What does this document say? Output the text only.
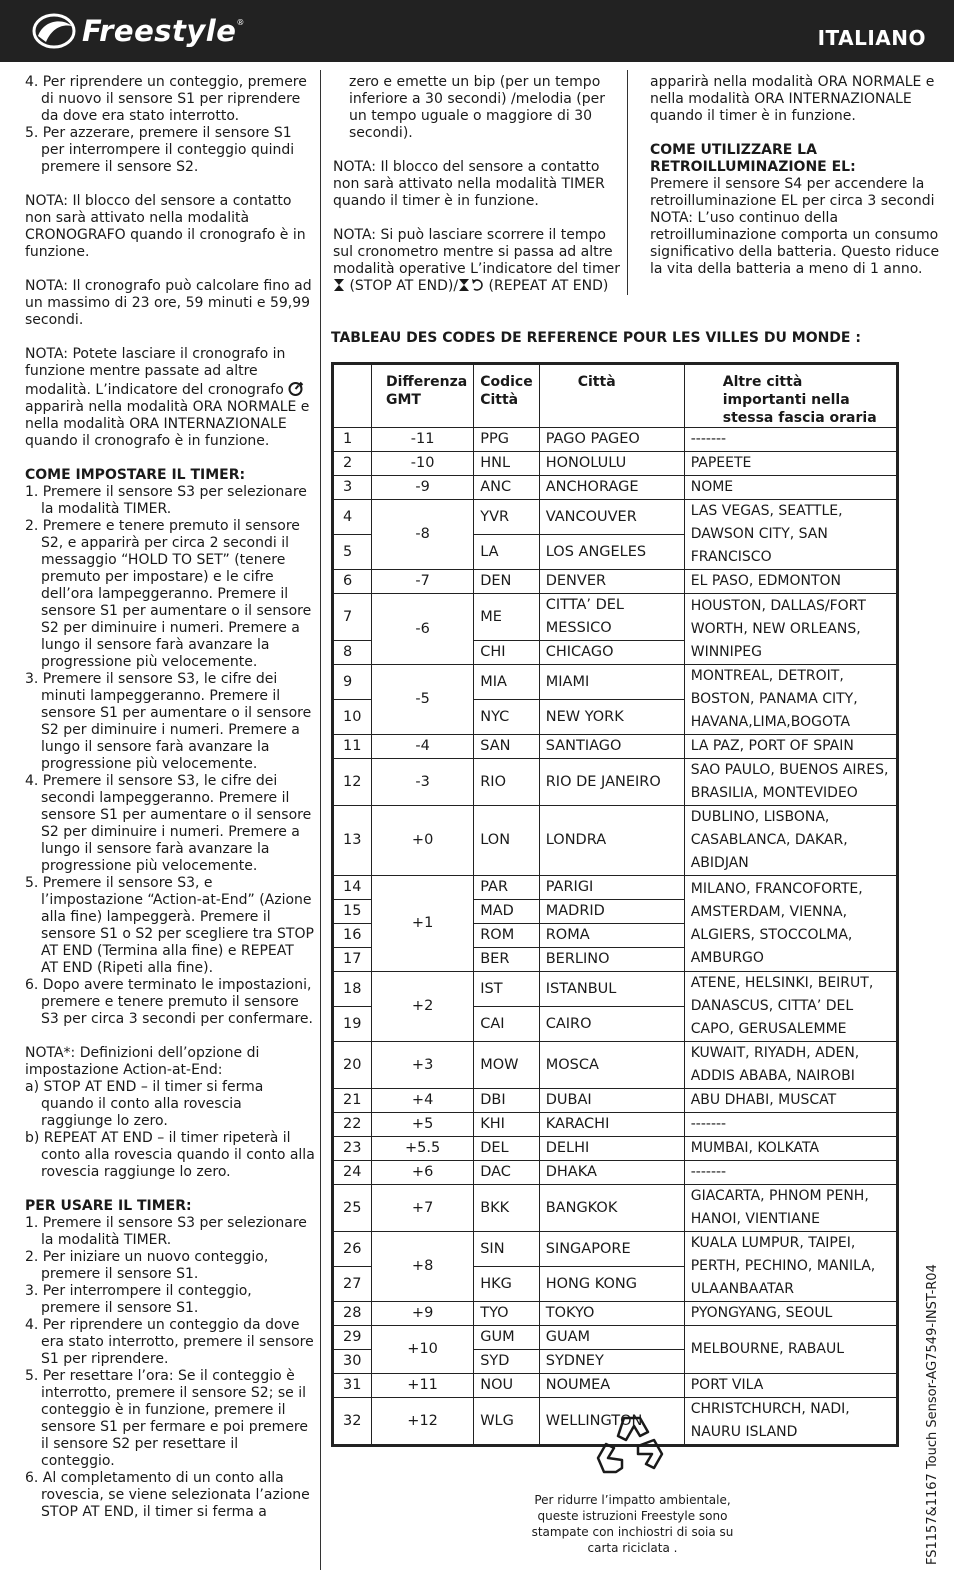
Freestyle ®
ITALIANO
4. Per riprendere un conteggio, premere di nuovo il sensore S1 per riprendere da dove era stato interrotto.
5. Per azzerare, premere il sensore S1 per interrompere il conteggio quindi premere il sensore S2.

NOTA: Il blocco del sensore a contatto non sarà attivato nella modalità CRONOGRAFO quando il cronografo è in funzione.

NOTA: Il cronografo può calcolare fino ad un massimo di 23 ore, 59 minuti e 59,99 secondi.

NOTA: Potete lasciare il cronografo in funzione mentre passate ad altre modalità. L’indicatore del cronografo  apparirà nella modalità ORA NORMALE e nella modalità ORA INTERNAZIONALE quando il cronografo è in funzione.

COME IMPOSTARE IL TIMER:
1. Premere il sensore S3 per selezionare la modalità TIMER.
2. Premere e tenere premuto il sensore S2, e apparirà per circa 2 secondi il messaggio “HOLD TO SET” (tenere premuto per impostare) e le cifre dell’ora lampeggeranno. Premere il sensore S1 per aumentare o il sensore S2 per diminuire i numeri. Premere a lungo il sensore farà avanzare la progressione più velocemente.
3. Premere il sensore S3, le cifre dei minuti lampeggeranno. Premere il sensore S1 per aumentare o il sensore S2 per diminuire i numeri. Premere a lungo il sensore farà avanzare la progressione più velocemente.
4. Premere il sensore S3, le cifre dei secondi lampeggeranno. Premere il sensore S1 per aumentare o il sensore S2 per diminuire i numeri. Premere a lungo il sensore farà avanzare la progressione più velocemente.
5. Premere il sensore S3, e l’impostazione “Action-at-End” (Azione alla fine) lampeggerà. Premere il sensore S1 o S2 per scegliere tra STOP AT END (Termina alla fine) e REPEAT AT END (Ripeti alla fine).
6. Dopo avere terminato le impostazioni, premere e tenere premuto il sensore S3 per circa 3 secondi per confermare.
NOTA*: Definizioni dell’opzione di impostazione Action-at-End:
a) STOP AT END – il timer si ferma quando il conto alla rovescia raggiunge lo zero.
b) REPEAT AT END – il timer ripeterà il conto alla rovescia quando il conto alla rovescia raggiunge lo zero.
PER USARE IL TIMER:
1. Premere il sensore S3 per selezionare la modalità TIMER.
2. Per iniziare un nuovo conteggio, premere il sensore S1.
3. Per interrompere il conteggio, premere il sensore S1.
4. Per riprendere un conteggio da dove era stato interrotto, premere il sensore S1 per riprendere.
5. Per resettare l’ora: Se il conteggio è interrotto, premere il sensore S2; se il conteggio è in funzione, premere il sensore S1 per fermare e poi premere il sensore S2 per resettare il conteggio.
6. Al completamento di un conto alla rovescia, se viene selezionata l’azione STOP AT END, il timer si ferma a

zero e emette un bip (per un tempo inferiore a 30 secondi) /melodia (per un tempo uguale o maggiore di 30 secondi).

NOTA: Il blocco del sensore a contatto non sarà attivato nella modalità TIMER quando il timer è in funzione.

NOTA: Si può lasciare scorrere il tempo sul cronometro mentre si passa ad altre modalità operative L’indicatore del timer
(STOP AT END)/ (REPEAT AT END)

apparirà nella modalità ORA NORMALE e nella modalità ORA INTERNAZIONALE quando il timer è in funzione.

COME UTILIZZARE LA RETROILLUMINAZIONE EL:
Premere il sensore S4 per accendere la retroilluminazione EL per circa 3 secondi
NOTA: L’uso continuo della retroilluminazione comporta un consumo significativo della batteria. Questo riduce la vita della batteria a meno di 1 anno.
TABLEAU DES CODES DE REFERENCE POUR LES VILLES DU MONDE :
	Differenza GMT	Codice Città	Città	Altre città importanti nella stessa fascia oraria
1	-11	PPG	PAGO PAGEO	-------
2	-10	HNL	HONOLULU	PAPEETE
3	-9	ANC	ANCHORAGE	NOME
4	-8	YVR	VANCOUVER	LAS VEGAS, SEATTLE, DAWSON CITY, SAN FRANCISCO
5		LA	LOS ANGELES	
6	-7	DEN	DENVER	EL PASO, EDMONTON
7	-6	ME	CITTA’ DEL MESSICO	HOUSTON, DALLAS/FORT WORTH, NEW ORLEANS, WINNIPEG
8		CHI	CHICAGO	
9	-5	MIA	MIAMI	MONTREAL, DETROIT, BOSTON, PANAMA CITY, HAVANA,LIMA,BOGOTA
10		NYC	NEW YORK	
11	-4	SAN	SANTIAGO	LA PAZ, PORT OF SPAIN
12	-3	RIO	RIO DE JANEIRO	SAO PAULO, BUENOS AIRES, BRASILIA, MONTEVIDEO
13	+0	LON	LONDRA	DUBLINO, LISBONA, CASABLANCA, DAKAR, ABIDJAN
14	+1	PAR	PARIGI	MILANO, FRANCOFORTE, AMSTERDAM, VIENNA, ALGIERS, STOCCOLMA, AMBURGO
15		MAD	MADRID	
16		ROM	ROMA	
17		BER	BERLINO	
18	+2	IST	ISTANBUL	ATENE, HELSINKI, BEIRUT, DANASCUS, CITTA’ DEL CAPO, GERUSALEMME
19		CAI	CAIRO	
20	+3	MOW	MOSCA	KUWAIT, RIYADH, ADEN, ADDIS ABABA, NAIROBI
21	+4	DBI	DUBAI	ABU DHABI, MUSCAT
22	+5	KHI	KARACHI	-------
23	+5.5	DEL	DELHI	MUMBAI, KOLKATA
24	+6	DAC	DHAKA	-------
25	+7	BKK	BANGKOK	GIACARTA, PHNOM PENH, HANOI, VIENTIANE
26	+8	SIN	SINGAPORE	KUALA LUMPUR, TAIPEI, PERTH, PECHINO, MANILA, ULAANBAATAR
27		HKG	HONG KONG	
28	+9	TYO	TOKYO	PYONGYANG, SEOUL
29	+10	GUM	GUAM	MELBOURNE, RABAUL
30		SYD	SYDNEY	
31	+11	NOU	NOUMEA	PORT VILA
32	+12	WLG	WELLINGTON	CHRISTCHURCH, NADI, NAURU ISLAND
Per ridurre l’impatto ambientale, queste istruzioni Freestyle sono stampate con inchiostri di soia su carta riciclata .	FS1157&1167 Touch Sensor-AG7549-INST-R04
